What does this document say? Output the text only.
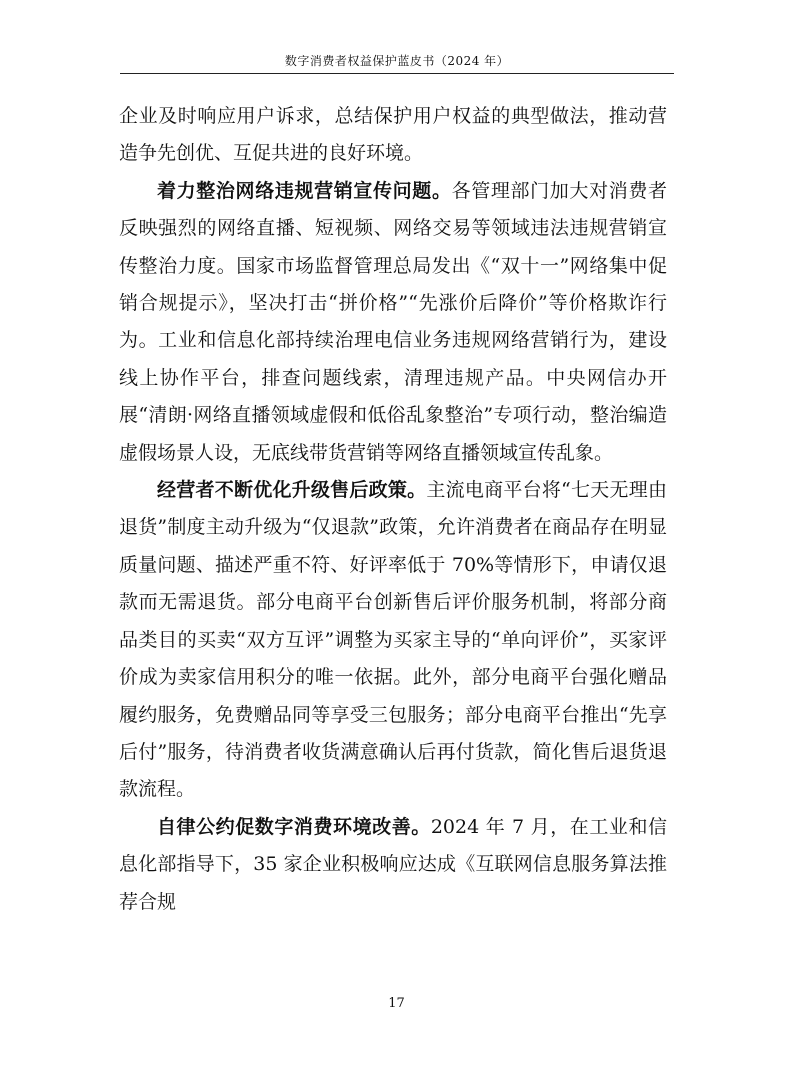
数字消费者权益保护蓝皮书（2024 年）

企业及时响应用户诉求，总结保护用户权益的典型做法，推动营造争先创优、互促共进的良好环境。

着力整治网络违规营销宣传问题。各管理部门加大对消费者反映强烈的网络直播、短视频、网络交易等领域违法违规营销宣传整治力度。国家市场监督管理总局发出《“双十一”网络集中促销合规提示》，坚决打击“拼价格”“先涨价后降价”等价格欺诈行为。工业和信息化部持续治理电信业务违规网络营销行为，建设线上协作平台，排查问题线索，清理违规产品。中央网信办开展“清朗·网络直播领域虚假和低俗乱象整治”专项行动，整治编造虚假场景人设，无底线带货营销等网络直播领域宣传乱象。

经营者不断优化升级售后政策。主流电商平台将“七天无理由退货”制度主动升级为“仅退款”政策，允许消费者在商品存在明显质量问题、描述严重不符、好评率低于 70%等情形下，申请仅退款而无需退货。部分电商平台创新售后评价服务机制，将部分商品类目的买卖“双方互评”调整为买家主导的“单向评价”，买家评价成为卖家信用积分的唯一依据。此外，部分电商平台强化赠品履约服务，免费赠品同等享受三包服务；部分电商平台推出“先享后付”服务，待消费者收货满意确认后再付货款，简化售后退货退款流程。

自律公约促数字消费环境改善。2024 年 7 月，在工业和信息化部指导下，35 家企业积极响应达成《互联网信息服务算法推荐合规

17
